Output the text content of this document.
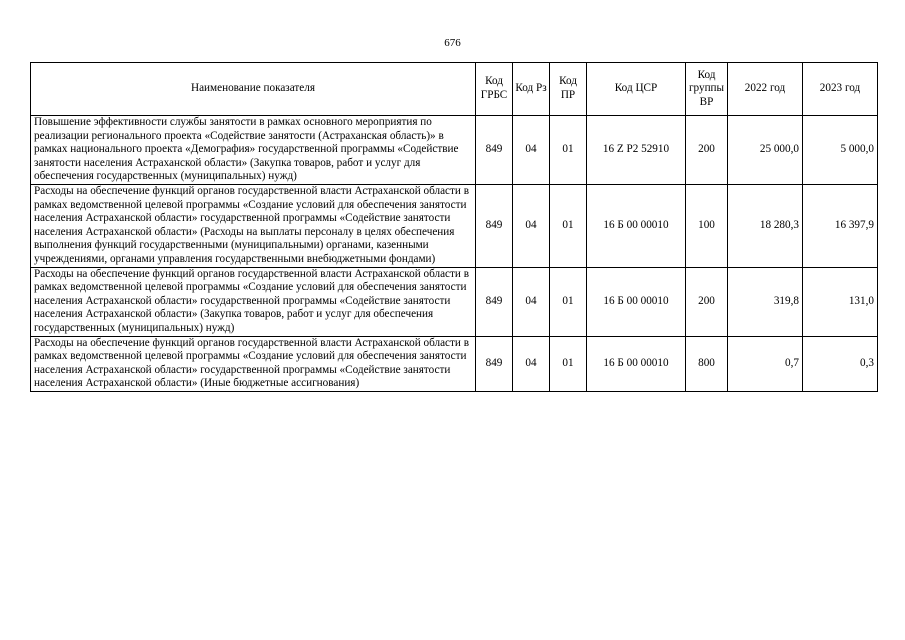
676
Наименование показателя	Код ГРБС	Код Рз	Код ПР	Код ЦСР	Код группы ВР	2022 год	2023 год
Повышение эффективности службы занятости в рамках основного мероприятия по реализации регионального проекта «Содействие занятости (Астраханская область)» в рамках национального проекта «Демография» государственной программы «Содействие занятости населения Астраханской области» (Закупка товаров, работ и услуг для обеспечения государственных (муниципальных) нужд)	849	04	01	16 Z P2 52910	200	25 000,0	5 000,0
Расходы на обеспечение функций органов государственной власти Астраханской области в рамках ведомственной целевой программы «Создание условий для обеспечения занятости населения Астраханской области» государственной программы «Содействие занятости населения Астраханской области» (Расходы на выплаты персоналу в целях обеспечения выполнения функций государственными (муниципальными) органами, казенными учреждениями, органами управления государственными внебюджетными фондами)	849	04	01	16 Б 00 00010	100	18 280,3	16 397,9
Расходы на обеспечение функций органов государственной власти Астраханской области в рамках ведомственной целевой программы «Создание условий для обеспечения занятости населения Астраханской области» государственной программы «Содействие занятости населения Астраханской области» (Закупка товаров, работ и услуг для обеспечения государственных (муниципальных) нужд)	849	04	01	16 Б 00 00010	200	319,8	131,0
Расходы на обеспечение функций органов государственной власти Астраханской области в рамках ведомственной целевой программы «Создание условий для обеспечения занятости населения Астраханской области» государственной программы «Содействие занятости населения Астраханской области» (Иные бюджетные ассигнования)	849	04	01	16 Б 00 00010	800	0,7	0,3
